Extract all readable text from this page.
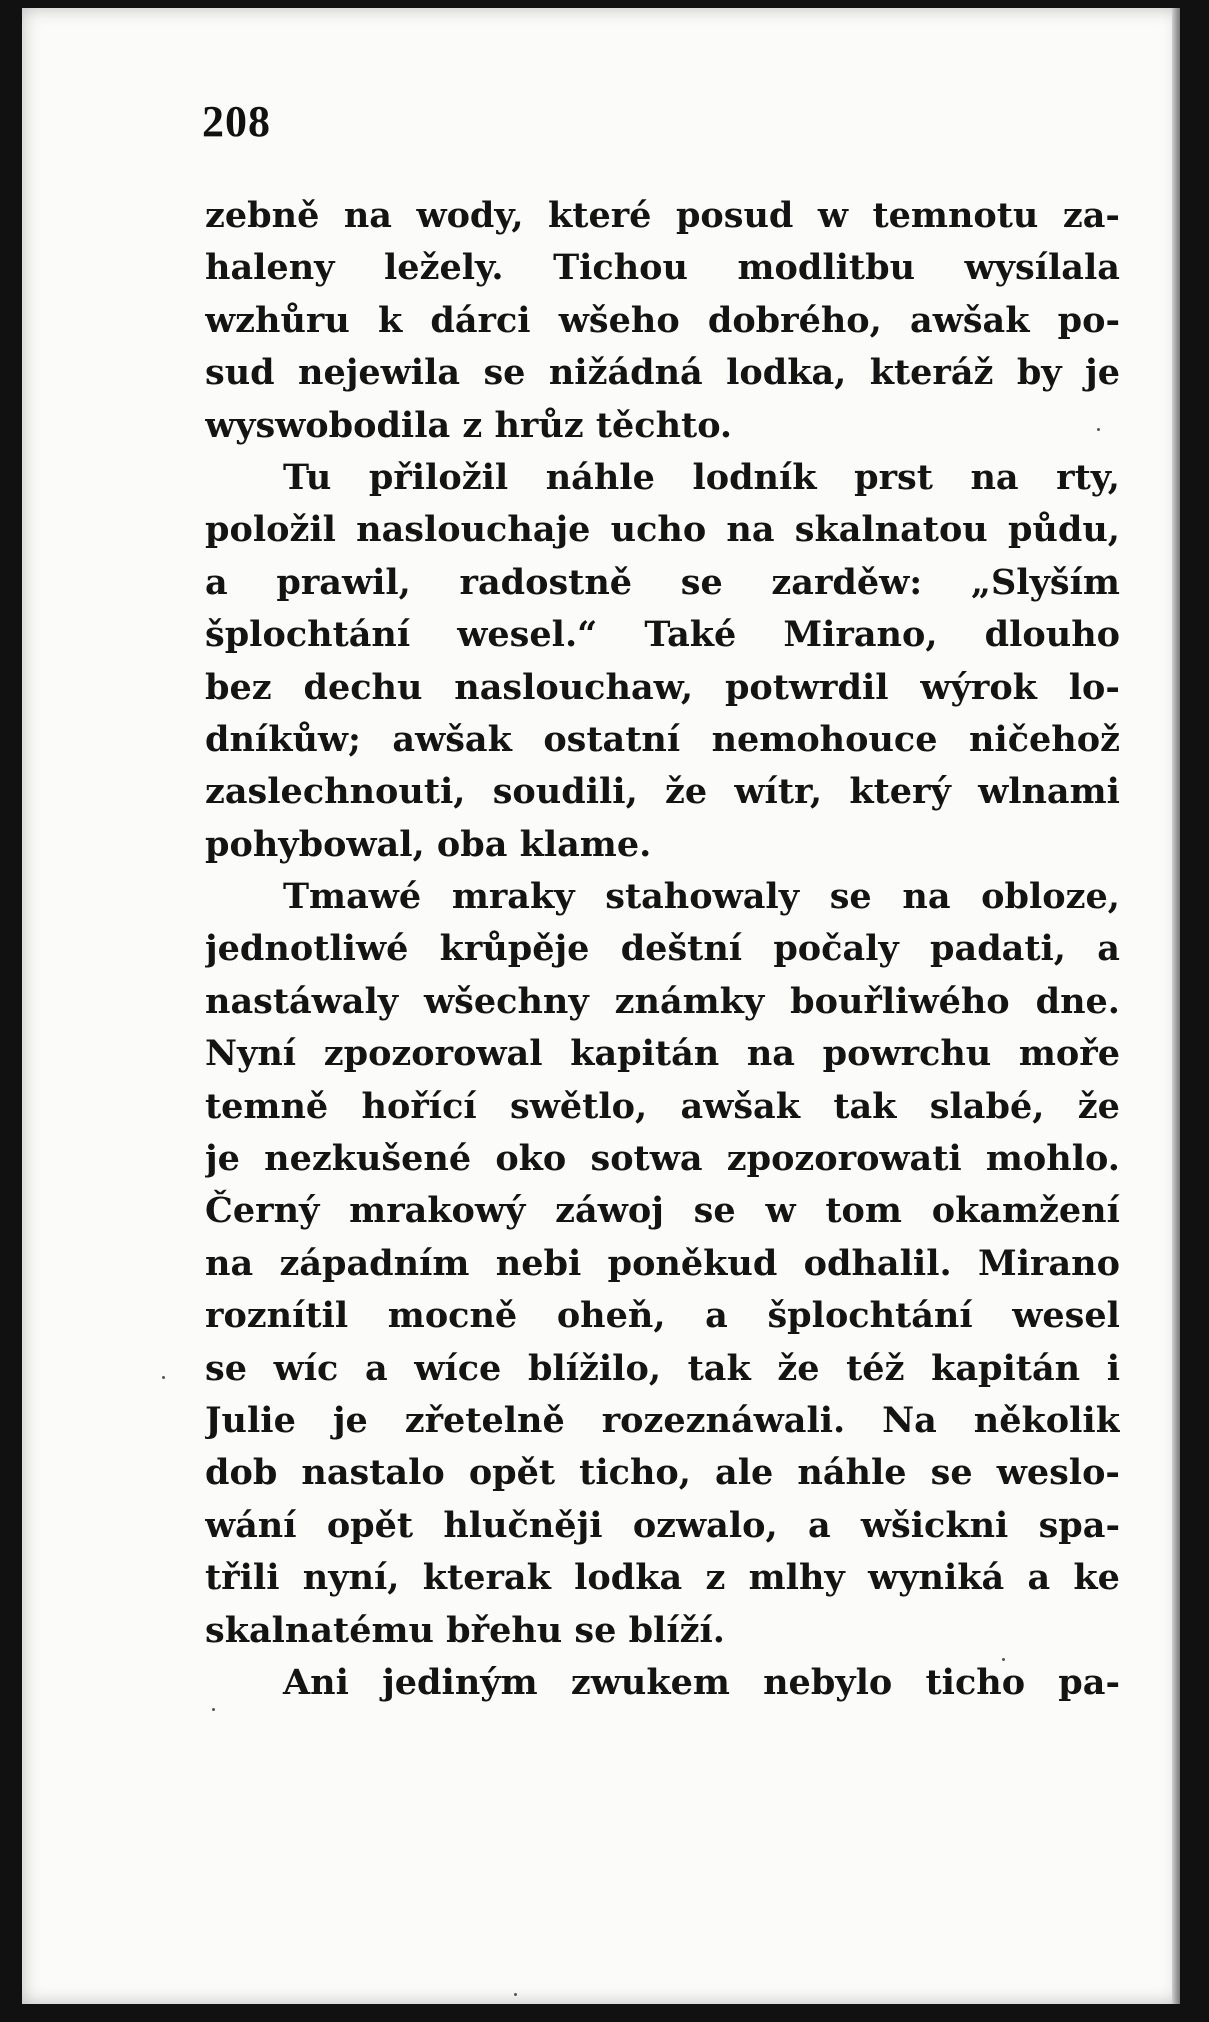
208
zebně na wody, které posud w temnotu za-
haleny ležely. Tichou modlitbu wysílala
wzhůru k dárci wšeho dobrého, awšak po-
sud nejewila se nižádná lodka, kteráž by je
wyswobodila z hrůz těchto.
Tu přiložil náhle lodník prst na rty,
položil naslouchaje ucho na skalnatou půdu,
a prawil, radostně se zarděw: „Slyším
šplochtání wesel.“ Také Mirano, dlouho
bez dechu naslouchaw, potwrdil wýrok lo-
dníkůw; awšak ostatní nemohouce ničehož
zaslechnouti, soudili, že wítr, který wlnami
pohybowal, oba klame.
Tmawé mraky stahowaly se na obloze,
jednotliwé krůpěje deštní počaly padati, a
nastáwaly wšechny známky bouřliwého dne.
Nyní zpozorowal kapitán na powrchu moře
temně hořící swětlo, awšak tak slabé, že
je nezkušené oko sotwa zpozorowati mohlo.
Černý mrakowý záwoj se w tom okamžení
na západním nebi poněkud odhalil. Mirano
roznítil mocně oheň, a šplochtání wesel
se wíc a wíce blížilo, tak že též kapitán i
Julie je zřetelně rozeznáwali. Na několik
dob nastalo opět ticho, ale náhle se weslo-
wání opět hlučněji ozwalo, a wšickni spa-
třili nyní, kterak lodka z mlhy wyniká a ke
skalnatému břehu se blíží.
Ani jediným zwukem nebylo ticho pa-
